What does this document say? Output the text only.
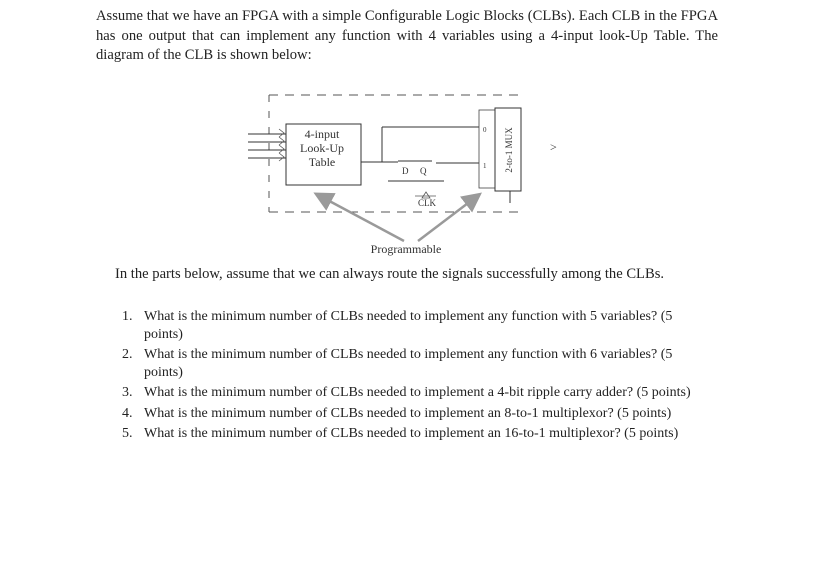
Assume that we have an FPGA with a simple Configurable Logic Blocks (CLBs). Each CLB in the FPGA has one output that can implement any function with 4 variables using a 4-input look-Up Table. The diagram of the CLB is shown below:

4-input
Look-Up
Table
D Q
CLK
0
1 2-to-1 MUX	>
Programmable

In the parts below, assume that we can always route the signals successfully among the CLBs.

1. What is the minimum number of CLBs needed to implement any function with 5 variables? (5 points)
2. What is the minimum number of CLBs needed to implement any function with 6 variables? (5 points)
3. What is the minimum number of CLBs needed to implement a 4-bit ripple carry adder? (5 points)
4. What is the minimum number of CLBs needed to implement an 8-to-1 multiplexor? (5 points)
5. What is the minimum number of CLBs needed to implement an 16-to-1 multiplexor? (5 points)
